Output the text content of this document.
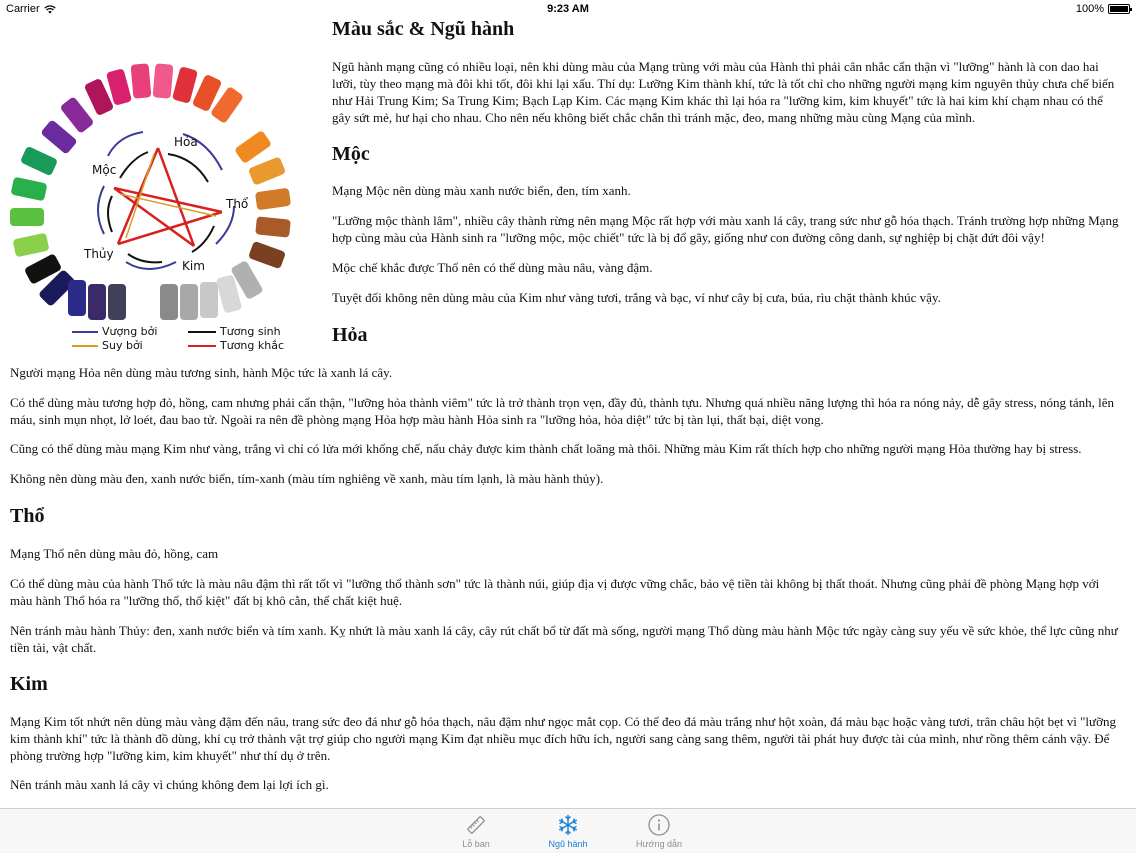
Carrier	9:23 AM	100%
Hỏa
Mộc
Thổ
Thủy
Kim
Vượng bởi
Suy bởi
Tương sinh
Tương khắc
Màu sắc & Ngũ hành

Ngũ hành mạng cũng có nhiều loại, nên khi dùng màu của Mạng trùng với màu của Hành thì phải cân nhắc cẩn thận vì "lưỡng" hành là con dao hai lưỡi, tùy theo mạng mà đôi khi tốt, đôi khi lại xấu. Thí dụ: Lưỡng Kim thành khí, tức là tốt chỉ cho những người mạng kim nguyên thủy chưa chế biến như Hải Trung Kim; Sa Trung Kim; Bạch Lạp Kim. Các mạng Kim khác thì lại hóa ra "lưỡng kim, kim khuyết" tức là hai kim khí chạm nhau có thể gây sứt mẻ, hư hại cho nhau. Cho nên nếu không biết chắc chắn thì tránh mặc, đeo, mang những màu cùng Mạng của mình.

Mộc

Mạng Mộc nên dùng màu xanh nước biển, đen, tím xanh.

"Lưỡng mộc thành lâm", nhiều cây thành rừng nên mạng Mộc rất hợp với màu xanh lá cây, trang sức như gỗ hóa thạch. Tránh trường hợp những Mạng hợp cùng màu của Hành sinh ra "lưỡng mộc, mộc chiết" tức là bị đổ gãy, giống như con đường công danh, sự nghiệp bị chặt đứt đôi vậy!

Mộc chế khắc được Thổ nên có thể dùng màu nâu, vàng đậm.

Tuyệt đối không nên dùng màu của Kim như vàng tươi, trắng và bạc, ví như cây bị cưa, búa, rìu chặt thành khúc vậy.

Hỏa

Người mạng Hỏa nên dùng màu tương sinh, hành Mộc tức là xanh lá cây.

Có thể dùng màu tương hợp đỏ, hồng, cam nhưng phải cẩn thận, "lưỡng hỏa thành viêm" tức là trở thành trọn vẹn, đầy đủ, thành tựu. Nhưng quá nhiều năng lượng thì hóa ra nóng nảy, dễ gây stress, nóng tánh, lên máu, sinh mụn nhọt, lở loét, đau bao tử. Ngoài ra nên đề phòng mạng Hỏa hợp màu hành Hỏa sinh ra "lưỡng hỏa, hỏa diệt" tức bị tàn lụi, thất bại, diệt vong.

Cũng có thể dùng màu mạng Kim như vàng, trắng vì chỉ có lửa mới khống chế, nấu chảy được kim thành chất loãng mà thôi. Những màu Kim rất thích hợp cho những người mạng Hỏa thường hay bị stress.

Không nên dùng màu đen, xanh nước biển, tím-xanh (màu tím nghiêng về xanh, màu tím lạnh, là màu hành thủy).

Thổ

Mạng Thổ nên dùng màu đỏ, hồng, cam

Có thể dùng màu của hành Thổ tức là màu nâu đậm thì rất tốt vì "lưỡng thổ thành sơn" tức là thành núi, giúp địa vị được vững chắc, bảo vệ tiền tài không bị thất thoát. Nhưng cũng phải đề phòng Mạng hợp với màu hành Thổ hóa ra "lưỡng thổ, thổ kiệt" đất bị khô cằn, thể chất kiệt huệ.

Nên tránh màu hành Thủy: đen, xanh nước biển và tím xanh. Kỵ nhứt là màu xanh lá cây, cây rút chất bổ từ đất mà sống, người mạng Thổ dùng màu hành Mộc tức ngày càng suy yếu về sức khỏe, thể lực cũng như tiền tài, vật chất.

Kim

Mạng Kim tốt nhứt nên dùng màu vàng đậm đến nâu, trang sức đeo đá như gỗ hóa thạch, nâu đậm như ngọc mắt cọp. Có thể đeo đá màu trắng như hột xoàn, đá màu bạc hoặc vàng tươi, trân châu hột bẹt vì "lưỡng kim thành khí" tức là thành đồ dùng, khí cụ trở thành vật trợ giúp cho người mạng Kim đạt nhiều mục đích hữu ích, người sang càng sang thêm, người tài phát huy được tài của mình, như rồng thêm cánh vậy. Để phòng trường hợp "lưỡng kim, kim khuyết" như thí dụ ở trên.

Nên tránh màu xanh lá cây vì chúng không đem lại lợi ích gì.

Lỗ ban	Ngũ hành	Hướng dẫn
